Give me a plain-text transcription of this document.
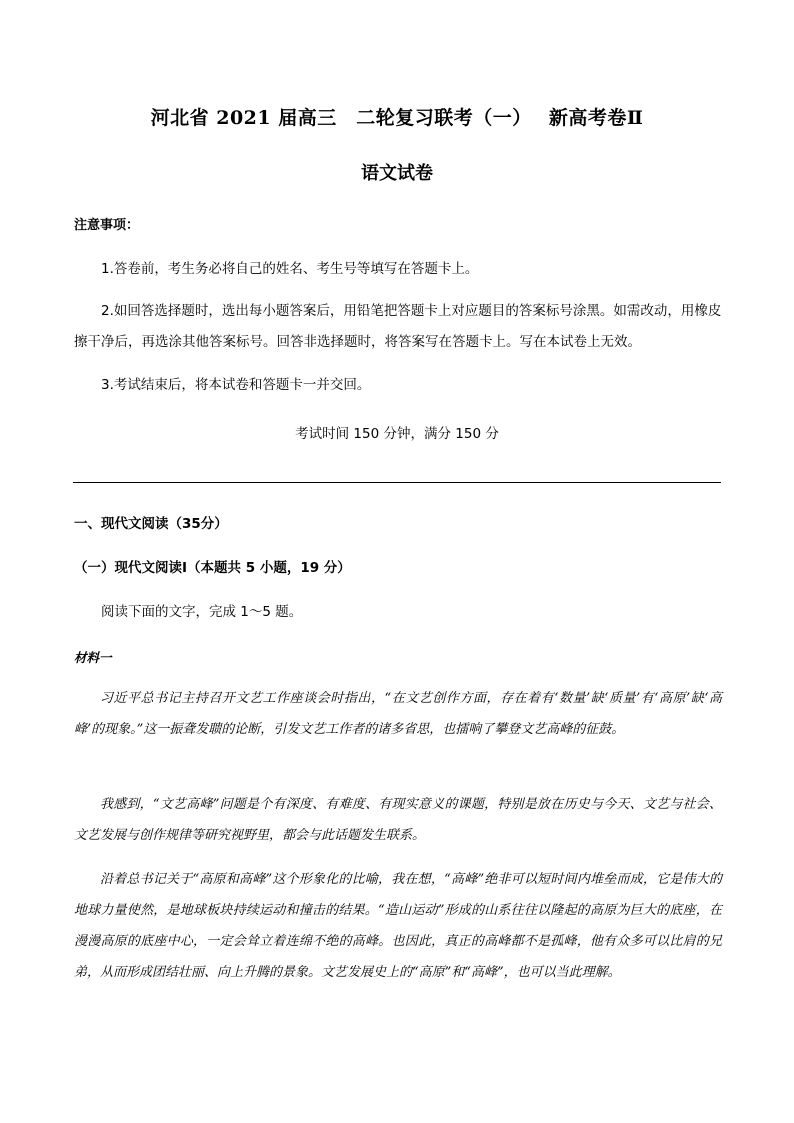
河北省 2021 届高三　二轮复习联考（一）　 新高考卷Ⅱ
语文试卷
注意事项：
1.答卷前，考生务必将自己的姓名、考生号等填写在答题卡上。
2.如回答选择题时，选出每小题答案后，用铅笔把答题卡上对应题目的答案标号涂黑。如需改动，用橡皮擦干净后，再选涂其他答案标号。回答非选择题时，将答案写在答题卡上。写在本试卷上无效。
3.考试结束后，将本试卷和答题卡一并交回。
考试时间 150 分钟，满分 150 分
一、现代文阅读（35分）
（一）现代文阅读Ⅰ（本题共 5 小题，19 分）
阅读下面的文字，完成 1～5 题。
材料一
习近平总书记主持召开文艺工作座谈会时指出，“在文艺创作方面，存在着有‘数量’缺‘质量’有‘高原’缺‘高峰’的现象。”这一振聋发聩的论断，引发文艺工作者的诸多省思，也擂响了攀登文艺高峰的征鼓。
我感到，“文艺高峰”问题是个有深度、有难度、有现实意义的课题，特别是放在历史与今天、文艺与社会、文艺发展与创作规律等研究视野里，都会与此话题发生联系。
沿着总书记关于“高原和高峰”这个形象化的比喻，我在想，“高峰”绝非可以短时间内堆垒而成，它是伟大的地球力量使然，是地球板块持续运动和撞击的结果。“造山运动”形成的山系往往以隆起的高原为巨大的底座，在漫漫高原的底座中心，一定会耸立着连绵不绝的高峰。也因此，真正的高峰都不是孤峰，他有众多可以比肩的兄弟，从而形成团结壮丽、向上升腾的景象。文艺发展史上的“高原”和“高峰”，也可以当此理解。
